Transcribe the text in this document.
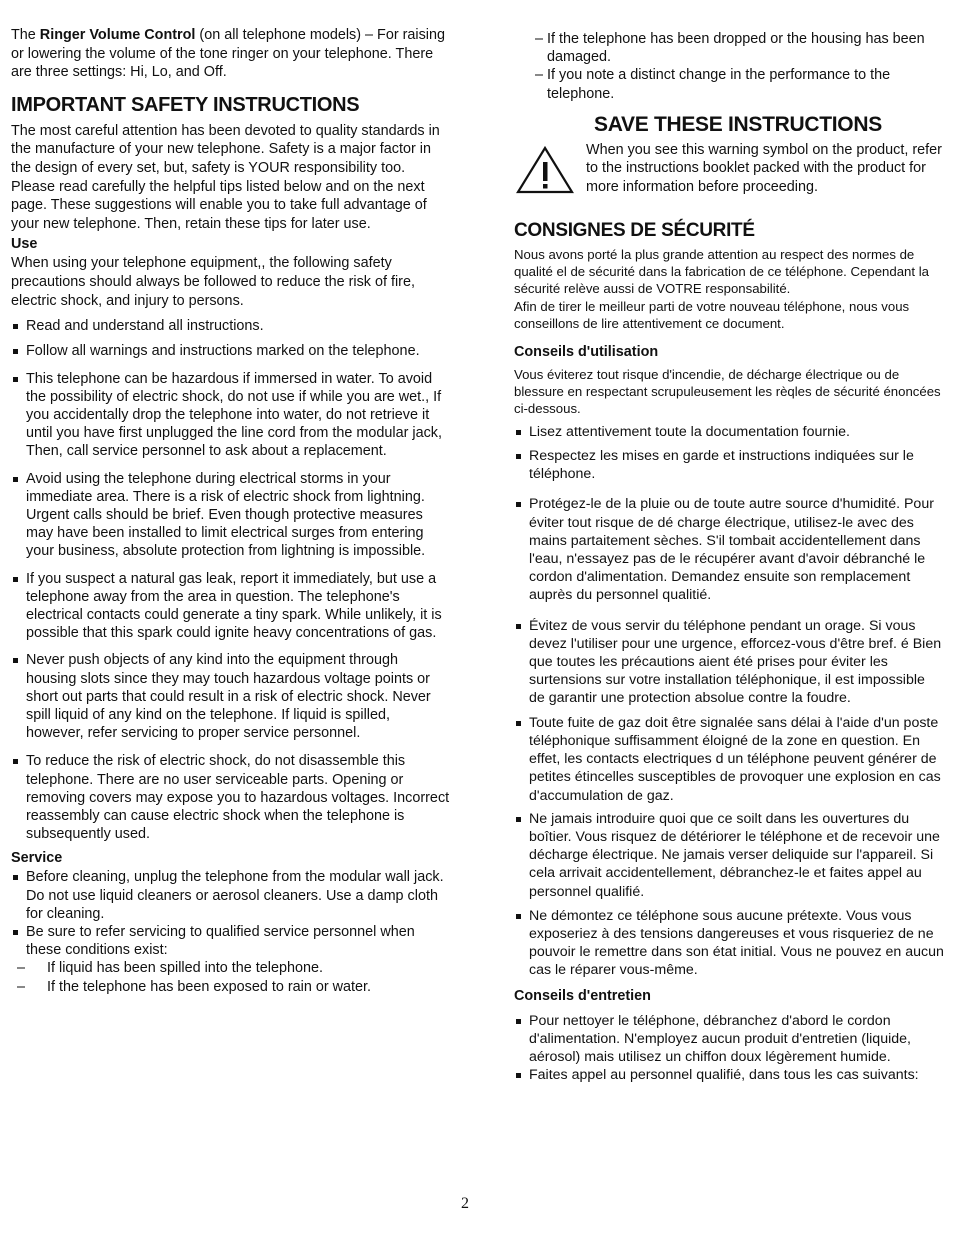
The Ringer Volume Control (on all telephone models) – For raising or lowering the volume of the tone ringer on your telephone. There are three settings: Hi, Lo, and Off.

IMPORTANT SAFETY INSTRUCTIONS

The most careful attention has been devoted to quality standards in the manufacture of your new telephone. Safety is a major factor in the design of every set, but, safety is YOUR responsibility too.

Please read carefully the helpful tips listed below and on the next page. These suggestions will enable you to take full advantage of your new telephone. Then, retain these tips for later use.

Use

When using your telephone equipment,, the following safety precautions should always be followed to reduce the risk of fire, electric shock, and injury to persons.

Read and understand all instructions.
Follow all warnings and instructions marked on the telephone.
This telephone can be hazardous if immersed in water. To avoid the possibility of electric shock, do not use if while you are wet., If you accidentally drop the telephone into water, do not retrieve it until you have first unplugged the line cord from the modular jack, Then, call service personnel to ask about a replacement.
Avoid using the telephone during electrical storms in your immediate area. There is a risk of electric shock from lightning. Urgent calls should be brief. Even though protective measures may have been installed to limit electrical surges from entering your business, absolute protection from lightning is impossible.
If you suspect a natural gas leak, report it immediately, but use a telephone away from the area in question. The telephone's electrical contacts could generate a tiny spark. While unlikely, it is possible that this spark could ignite heavy concentrations of gas.
Never push objects of any kind into the equipment through housing slots since they may touch hazardous voltage points or short out parts that could result in a risk of electric shock. Never spill liquid of any kind on the telephone. If liquid is spilled, however, refer servicing to proper service personnel.
To reduce the risk of electric shock, do not disassemble this telephone. There are no user serviceable parts. Opening or removing covers may expose you to hazardous voltages. Incorrect reassembly can cause electric shock when the telephone is subsequently used.
Service
Before cleaning, unplug the telephone from the modular wall jack. Do not use liquid cleaners or aerosol cleaners. Use a damp cloth for cleaning.
Be sure to refer servicing to qualified service personnel when these conditions exist:
– If liquid has been spilled into the telephone.
– If the telephone has been exposed to rain or water.
– If the telephone has been dropped or the housing has been damaged.
– If you note a distinct change in the performance to the telephone.
SAVE THESE INSTRUCTIONS

When you see this warning symbol on the product, refer to the instructions booklet packed with the product for more information before proceeding.

CONSIGNES DE SÉCURITÉ

Nous avons porté la plus grande attention au respect des normes de qualité el de sécurité dans la fabrication de ce téléphone. Cependant la sécurité relève aussi de VOTRE responsabilité.

Afin de tirer le meilleur parti de votre nouveau téléphone, nous vous conseillons de lire attentivement ce document.

Conseils d'utilisation

Vous éviterez tout risque d'incendie, de décharge électrique ou de blessure en respectant scrupuleusement les rèqles de sécurité énoncées ci-dessous.

Lisez attentivement toute la documentation fournie.
Respectez les mises en garde et instructions indiquées sur le téléphone.
Protégez-le de la pluie ou de toute autre source d'humidité. Pour éviter tout risque de dé charge électrique, utilisez-le avec des mains partaitement sèches. S'il tombait accidentellement dans l'eau, n'essayez pas de le récupérer avant d'avoir débranché le cordon d'alimentation. Demandez ensuite son remplacement auprès du personnel qualitié.
Évitez de vous servir du téléphone pendant un orage. Si vous devez l'utiliser pour une urgence, efforcez-vous d'être bref. é Bien que toutes les précautions aient été prises pour éviter les surtensions sur votre installation téléphonique, il est impossible de garantir une protection absolue contre la foudre.
Toute fuite de gaz doit être signalée sans délai à l'aide d'un poste téléphonique suffisamment éloigné de la zone en question. En effet, les contacts electriques d un téléphone peuvent générer de petites étincelles susceptibles de provoquer une explosion en cas d'accumulation de gaz.
Ne jamais introduire quoi que ce soilt dans les ouvertures du boîtier. Vous risquez de détériorer le téléphone et de recevoir une décharge électrique. Ne jamais verser deliquide sur l'appareil. Si cela arrivait accidentellement, débranchez-le et faites appel au personnel qualifié.
Ne démontez ce téléphone sous aucune prétexte. Vous vous exposeriez à des tensions dangereuses et vous risqueriez de ne pouvoir le remettre dans son état initial. Vous ne pouvez en aucun cas le réparer vous-même.
Conseils d'entretien
Pour nettoyer le téléphone, débranchez d'abord le cordon d'alimentation. N'employez aucun produit d'entretien (liquide, aérosol) mais utilisez un chiffon doux légèrement humide.
Faites appel au personnel qualifié, dans tous les cas suivants:
2
